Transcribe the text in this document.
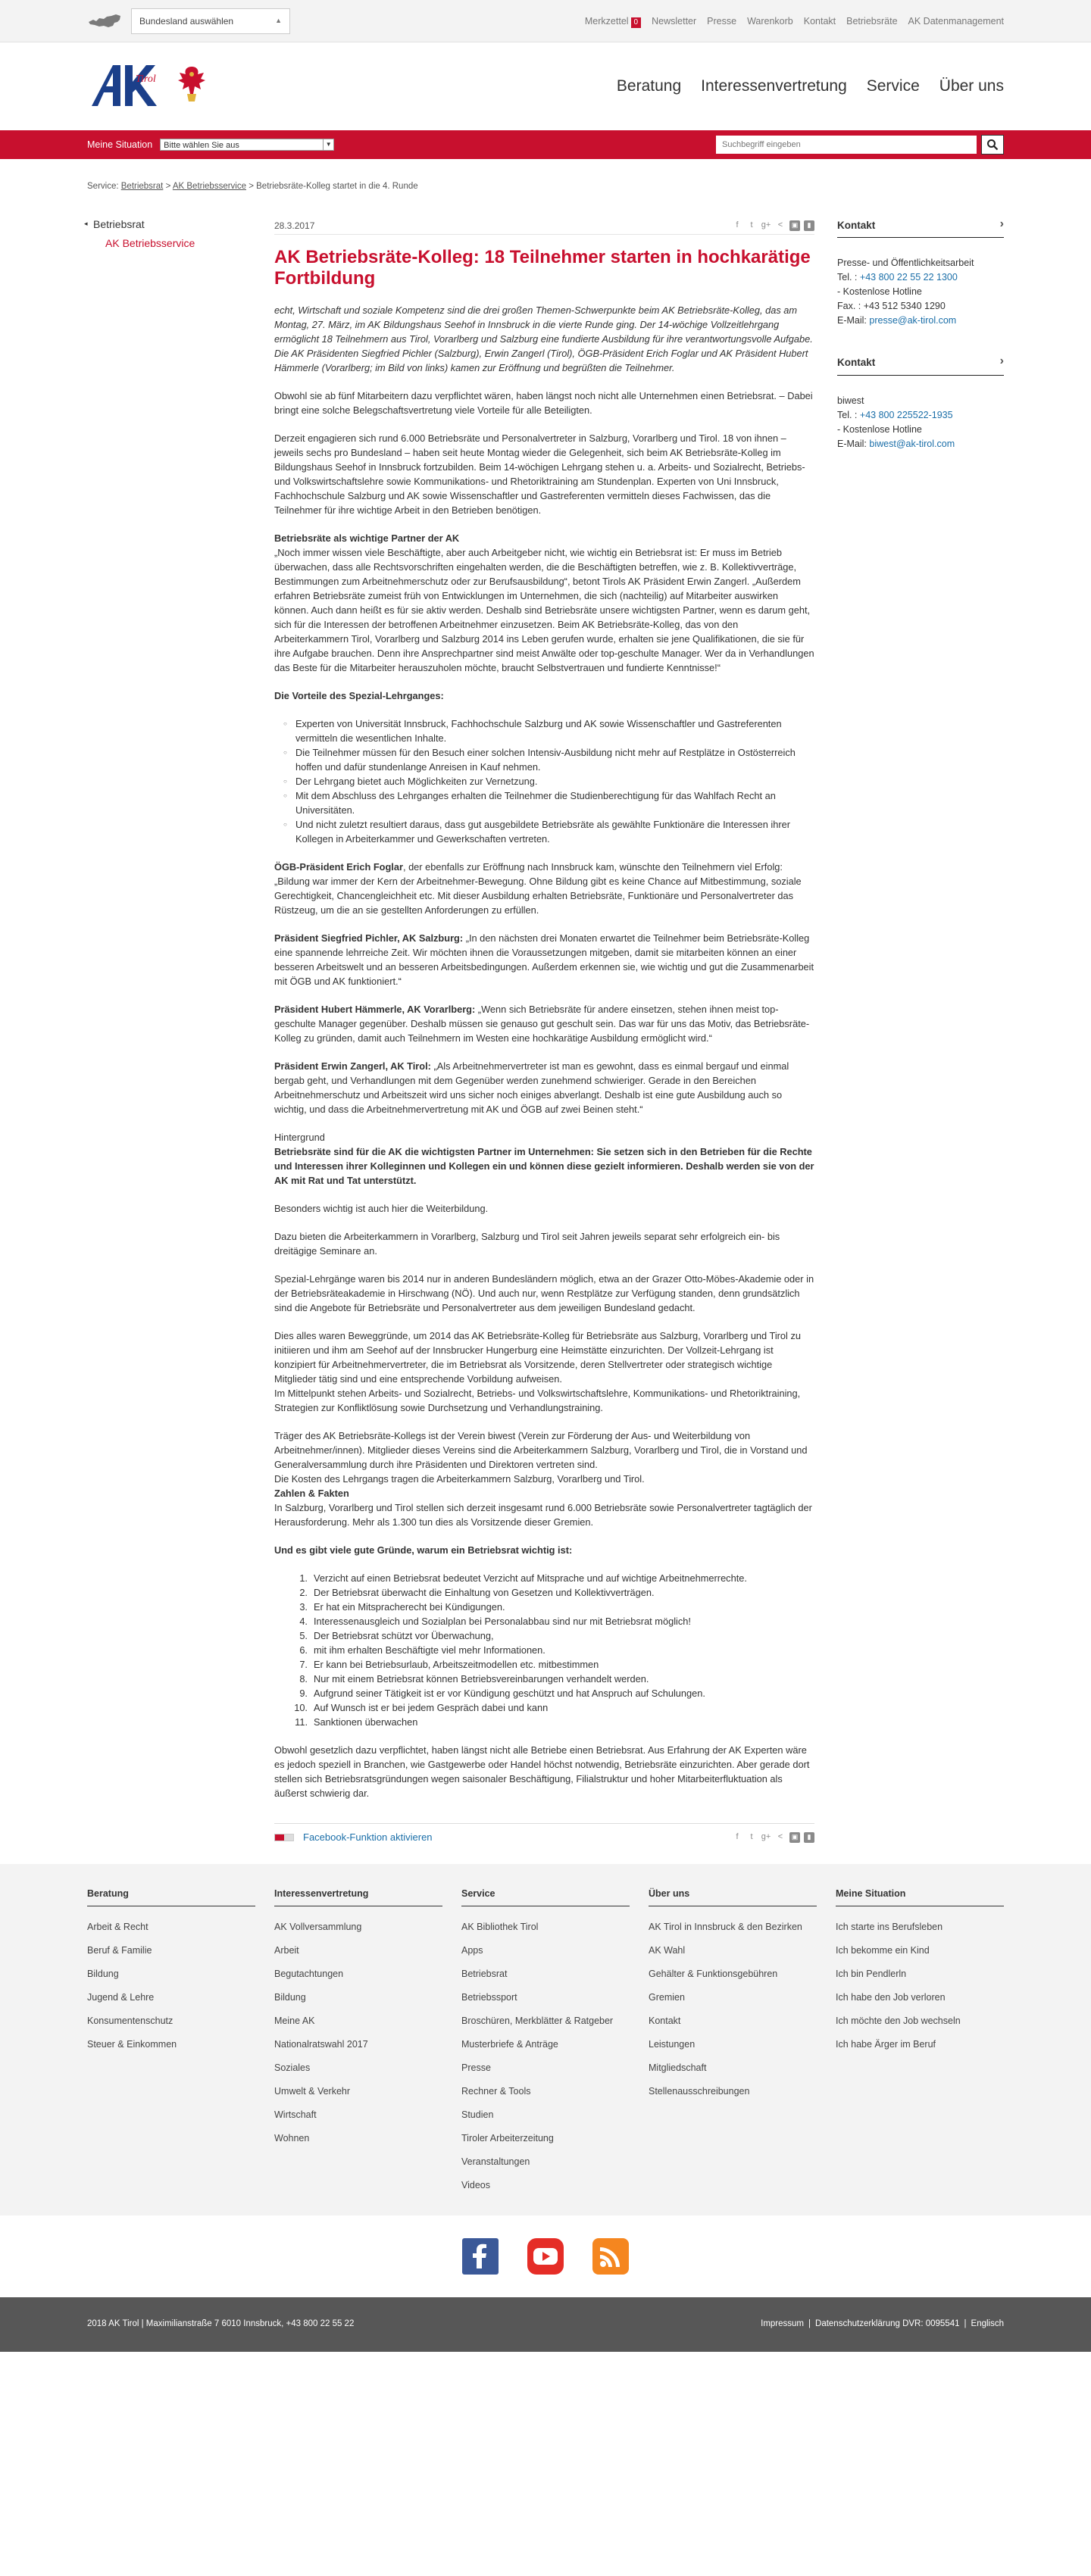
Bundesland auswählen	▲	Merkzettel 0	Newsletter Presse Warenkorb Kontakt Betriebsräte AK Datenmanagement
Tirol	Beratung Interessenvertretung Service Über uns
Meine Situation	Bitte wählen Sie aus	▼
Suchbegriff eingeben
Service: Betriebsrat > AK Betriebsservice > Betriebsräte-Kolleg startet in die 4. Runde
◂ Betriebsrat
AK Betriebsservice
28.3.2017	f	t	g+ <	▣	▮
AK Betriebsräte-Kolleg: 18 Teilnehmer starten in hochkarätige Fortbildung

echt, Wirtschaft und soziale Kompetenz sind die drei großen Themen-Schwerpunkte beim AK Betriebsräte-Kolleg, das am Montag, 27. März, im AK Bildungshaus Seehof in Innsbruck in die vierte Runde ging. Der 14-wöchige Vollzeitlehrgang ermöglicht 18 Teilnehmern aus Tirol, Vorarlberg und Salzburg eine fundierte Ausbildung für ihre verantwortungsvolle Aufgabe. Die AK Präsidenten Siegfried Pichler (Salzburg), Erwin Zangerl (Tirol), ÖGB-Präsident Erich Foglar und AK Präsident Hubert Hämmerle (Vorarlberg; im Bild von links) kamen zur Eröffnung und begrüßten die Teilnehmer.

Obwohl sie ab fünf Mitarbeitern dazu verpflichtet wären, haben längst noch nicht alle Unternehmen einen Betriebsrat. – Dabei bringt eine solche Belegschaftsvertretung viele Vorteile für alle Beteiligten.

Derzeit engagieren sich rund 6.000 Betriebsräte und Personalvertreter in Salzburg, Vorarlberg und Tirol. 18 von ihnen – jeweils sechs pro Bundesland – haben seit heute Montag wieder die Gelegenheit, sich beim AK Betriebsräte-Kolleg im Bildungshaus Seehof in Innsbruck fortzubilden. Beim 14-wöchigen Lehrgang stehen u. a. Arbeits- und Sozialrecht, Betriebs- und Volkswirtschaftslehre sowie Kommunikations- und Rhetoriktraining am Stundenplan. Experten von Uni Innsbruck, Fachhochschule Salzburg und AK sowie Wissenschaftler und Gastreferenten vermitteln dieses Fachwissen, das die Teilnehmer für ihre wichtige Arbeit in den Betrieben benötigen.

Betriebsräte als wichtige Partner der AK

„Noch immer wissen viele Beschäftigte, aber auch Arbeitgeber nicht, wie wichtig ein Betriebsrat ist: Er muss im Betrieb überwachen, dass alle Rechtsvorschriften eingehalten werden, die die Beschäftigten betreffen, wie z. B. Kollektivverträge, Bestimmungen zum Arbeitnehmerschutz oder zur Berufsausbildung“, betont Tirols AK Präsident Erwin Zangerl. „Außerdem erfahren Betriebsräte zumeist früh von Entwicklungen im Unternehmen, die sich (nachteilig) auf Mitarbeiter auswirken können. Auch dann heißt es für sie aktiv werden. Deshalb sind Betriebsräte unsere wichtigsten Partner, wenn es darum geht, sich für die Interessen der betroffenen Arbeitnehmer einzusetzen. Beim AK Betriebsräte-Kolleg, das von den Arbeiterkammern Tirol, Vorarlberg und Salzburg 2014 ins Leben gerufen wurde, erhalten sie jene Qualifikationen, die sie für ihre Aufgabe brauchen. Denn ihre Ansprechpartner sind meist Anwälte oder top-geschulte Manager. Wer da in Verhandlungen das Beste für die Mitarbeiter herauszuholen möchte, braucht Selbstvertrauen und fundierte Kenntnisse!“

Die Vorteile des Spezial-Lehrganges:

○ Experten von Universität Innsbruck, Fachhochschule Salzburg und AK sowie Wissenschaftler und Gastreferenten vermitteln die wesentlichen Inhalte.
○ Die Teilnehmer müssen für den Besuch einer solchen Intensiv-Ausbildung nicht mehr auf Restplätze in Ostösterreich hoffen und dafür stundenlange Anreisen in Kauf nehmen.
○ Der Lehrgang bietet auch Möglichkeiten zur Vernetzung.
○ Mit dem Abschluss des Lehrganges erhalten die Teilnehmer die Studienberechtigung für das Wahlfach Recht an Universitäten.
○ Und nicht zuletzt resultiert daraus, dass gut ausgebildete Betriebsräte als gewählte Funktionäre die Interessen ihrer Kollegen in Arbeiterkammer und Gewerkschaften vertreten.

ÖGB-Präsident Erich Foglar, der ebenfalls zur Eröffnung nach Innsbruck kam, wünschte den Teilnehmern viel Erfolg: „Bildung war immer der Kern der Arbeitnehmer-Bewegung. Ohne Bildung gibt es keine Chance auf Mitbestimmung, soziale Gerechtigkeit, Chancengleichheit etc. Mit dieser Ausbildung erhalten Betriebsräte, Funktionäre und Personalvertreter das Rüstzeug, um die an sie gestellten Anforderungen zu erfüllen.

Präsident Siegfried Pichler, AK Salzburg: „In den nächsten drei Monaten erwartet die Teilnehmer beim Betriebsräte-Kolleg eine spannende lehrreiche Zeit. Wir möchten ihnen die Voraussetzungen mitgeben, damit sie mitarbeiten können an einer besseren Arbeitswelt und an besseren Arbeitsbedingungen. Außerdem erkennen sie, wie wichtig und gut die Zusammenarbeit mit ÖGB und AK funktioniert.“

Präsident Hubert Hämmerle, AK Vorarlberg: „Wenn sich Betriebsräte für andere einsetzen, stehen ihnen meist top-geschulte Manager gegenüber. Deshalb müssen sie genauso gut geschult sein. Das war für uns das Motiv, das Betriebsräte-Kolleg zu gründen, damit auch Teilnehmern im Westen eine hochkarätige Ausbildung ermöglicht wird.“

Präsident Erwin Zangerl, AK Tirol: „Als Arbeitnehmervertreter ist man es gewohnt, dass es einmal bergauf und einmal bergab geht, und Verhandlungen mit dem Gegenüber werden zunehmend schwieriger. Gerade in den Bereichen Arbeitnehmerschutz und Arbeitszeit wird uns sicher noch einiges abverlangt. Deshalb ist eine gute Ausbildung auch so wichtig, und dass die Arbeitnehmervertretung mit AK und ÖGB auf zwei Beinen steht.“

Hintergrund

Betriebsräte sind für die AK die wichtigsten Partner im Unternehmen: Sie setzen sich in den Betrieben für die Rechte und Interessen ihrer Kolleginnen und Kollegen ein und können diese gezielt informieren. Deshalb werden sie von der AK mit Rat und Tat unterstützt.

Besonders wichtig ist auch hier die Weiterbildung.

Dazu bieten die Arbeiterkammern in Vorarlberg, Salzburg und Tirol seit Jahren jeweils separat sehr erfolgreich ein- bis dreitägige Seminare an.

Spezial-Lehrgänge waren bis 2014 nur in anderen Bundesländern möglich, etwa an der Grazer Otto-Möbes-Akademie oder in der Betriebsräteakademie in Hirschwang (NÖ). Und auch nur, wenn Restplätze zur Verfügung standen, denn grundsätzlich sind die Angebote für Betriebsräte und Personalvertreter aus dem jeweiligen Bundesland gedacht.

Dies alles waren Beweggründe, um 2014 das AK Betriebsräte-Kolleg für Betriebsräte aus Salzburg, Vorarlberg und Tirol zu initiieren und ihm am Seehof auf der Innsbrucker Hungerburg eine Heimstätte einzurichten. Der Vollzeit-Lehrgang ist konzipiert für Arbeitnehmervertreter, die im Betriebsrat als Vorsitzende, deren Stellvertreter oder strategisch wichtige Mitglieder tätig sind und eine entsprechende Vorbildung aufweisen.

Im Mittelpunkt stehen Arbeits- und Sozialrecht, Betriebs- und Volkswirtschaftslehre, Kommunikations- und Rhetoriktraining, Strategien zur Konfliktlösung sowie Durchsetzung und Verhandlungstraining.

Träger des AK Betriebsräte-Kollegs ist der Verein biwest (Verein zur Förderung der Aus- und Weiterbildung von Arbeitnehmer/innen). Mitglieder dieses Vereins sind die Arbeiterkammern Salzburg, Vorarlberg und Tirol, die in Vorstand und Generalversammlung durch ihre Präsidenten und Direktoren vertreten sind.

Die Kosten des Lehrgangs tragen die Arbeiterkammern Salzburg, Vorarlberg und Tirol.

Zahlen & Fakten

In Salzburg, Vorarlberg und Tirol stellen sich derzeit insgesamt rund 6.000 Betriebsräte sowie Personalvertreter tagtäglich der Herausforderung. Mehr als 1.300 tun dies als Vorsitzende dieser Gremien.

Und es gibt viele gute Gründe, warum ein Betriebsrat wichtig ist:

1. Verzicht auf einen Betriebsrat bedeutet Verzicht auf Mitsprache und auf wichtige Arbeitnehmerrechte.
2. Der Betriebsrat überwacht die Einhaltung von Gesetzen und Kollektivverträgen.
3. Er hat ein Mitspracherecht bei Kündigungen.
4. Interessenausgleich und Sozialplan bei Personalabbau sind nur mit Betriebsrat möglich!
5. Der Betriebsrat schützt vor Überwachung,
6. mit ihm erhalten Beschäftigte viel mehr Informationen.
7. Er kann bei Betriebsurlaub, Arbeitszeitmodellen etc. mitbestimmen
8. Nur mit einem Betriebsrat können Betriebsvereinbarungen verhandelt werden.
9. Aufgrund seiner Tätigkeit ist er vor Kündigung geschützt und hat Anspruch auf Schulungen.
10. Auf Wunsch ist er bei jedem Gespräch dabei und kann
11. Sanktionen überwachen

Obwohl gesetzlich dazu verpflichtet, haben längst nicht alle Betriebe einen Betriebsrat. Aus Erfahrung der AK Experten wäre es jedoch speziell in Branchen, wie Gastgewerbe oder Handel höchst notwendig, Betriebsräte einzurichten. Aber gerade dort stellen sich Betriebsratsgründungen wegen saisonaler Beschäftigung, Filialstruktur und hoher Mitarbeiterfluktuation als äußerst schwierig dar.

Facebook-Funktion aktivieren	f	t	g+ <	▣	▮
Kontakt ›
Presse- und Öffentlichkeitsarbeit
Tel. : +43 800 22 55 22 1300
- Kostenlose Hotline
Fax. : +43 512 5340 1290
E-Mail: presse@ak-tirol.com
Kontakt ›
biwest
Tel. : +43 800 225522-1935
- Kostenlose Hotline
E-Mail: biwest@ak-tirol.com
Beratung
Arbeit & Recht
Beruf & Familie
Bildung
Jugend & Lehre
Konsumentenschutz
Steuer & Einkommen
Interessenvertretung
AK Vollversammlung
Arbeit
Begutachtungen
Bildung
Meine AK
Nationalratswahl 2017
Soziales
Umwelt & Verkehr
Wirtschaft
Wohnen
Service
AK Bibliothek Tirol
Apps
Betriebsrat
Betriebssport
Broschüren, Merkblätter & Ratgeber
Musterbriefe & Anträge
Presse
Rechner & Tools
Studien
Tiroler Arbeiterzeitung
Veranstaltungen
Videos
Über uns
AK Tirol in Innsbruck & den Bezirken
AK Wahl
Gehälter & Funktionsgebühren
Gremien
Kontakt
Leistungen
Mitgliedschaft
Stellenausschreibungen
Meine Situation
Ich starte ins Berufsleben
Ich bekomme ein Kind
Ich bin Pendlerln
Ich habe den Job verloren
Ich möchte den Job wechseln
Ich habe Ärger im Beruf
2018 AK Tirol | Maximilianstraße 7 6010 Innsbruck, +43 800 22 55 22	Impressum | Datenschutzerklärung DVR: 0095541 | Englisch
